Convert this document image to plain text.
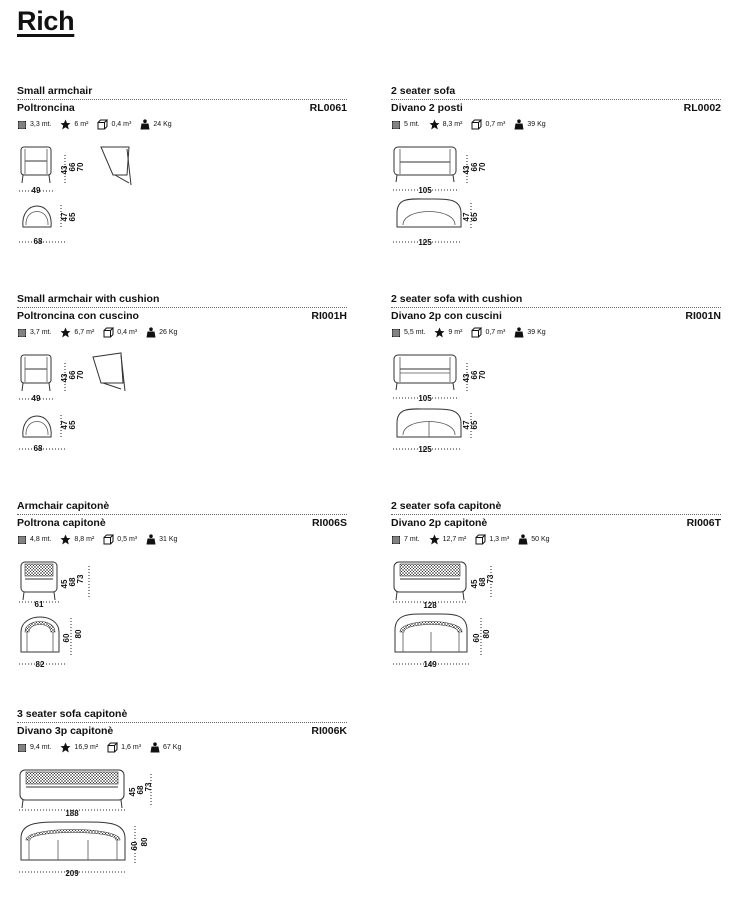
Rich
Small armchair
Poltroncina	RL0061
3,3
mt.	6
m²	0,4
m³	24
Kg
49
43 66 70
47 65
68
2 seater sofa
Divano 2 posti	RL0002
5
mt.	8,3
m²	0,7
m³	39
Kg
105
43 66 70
47 65
125
Small armchair with cushion
Poltroncina con cuscino	RI001H
3,7
mt.	6,7
m²	0,4
m³	26
Kg
49
43 66 70
47 65
68
2 seater sofa with cushion
Divano 2p con cuscini	RI001N
5,5
mt.	9
m²	0,7
m³	39
Kg
105
43 66 70
47 65
125
Armchair capitonè
Poltrona capitonè	RI006S
4,8
mt.	8,8
m²	0,5
m³	31
Kg
61
45 68 73
60 80
82
2 seater sofa capitonè
Divano 2p capitonè	RI006T
7
mt.	12,7
m²	1,3
m³	50
Kg
128
45 68 73
60 80
149
3 seater sofa capitonè
Divano 3p capitonè	RI006K
9,4
mt.	16,9
m²	1,6
m³	67
Kg
188
45 68 73
60 80
209
